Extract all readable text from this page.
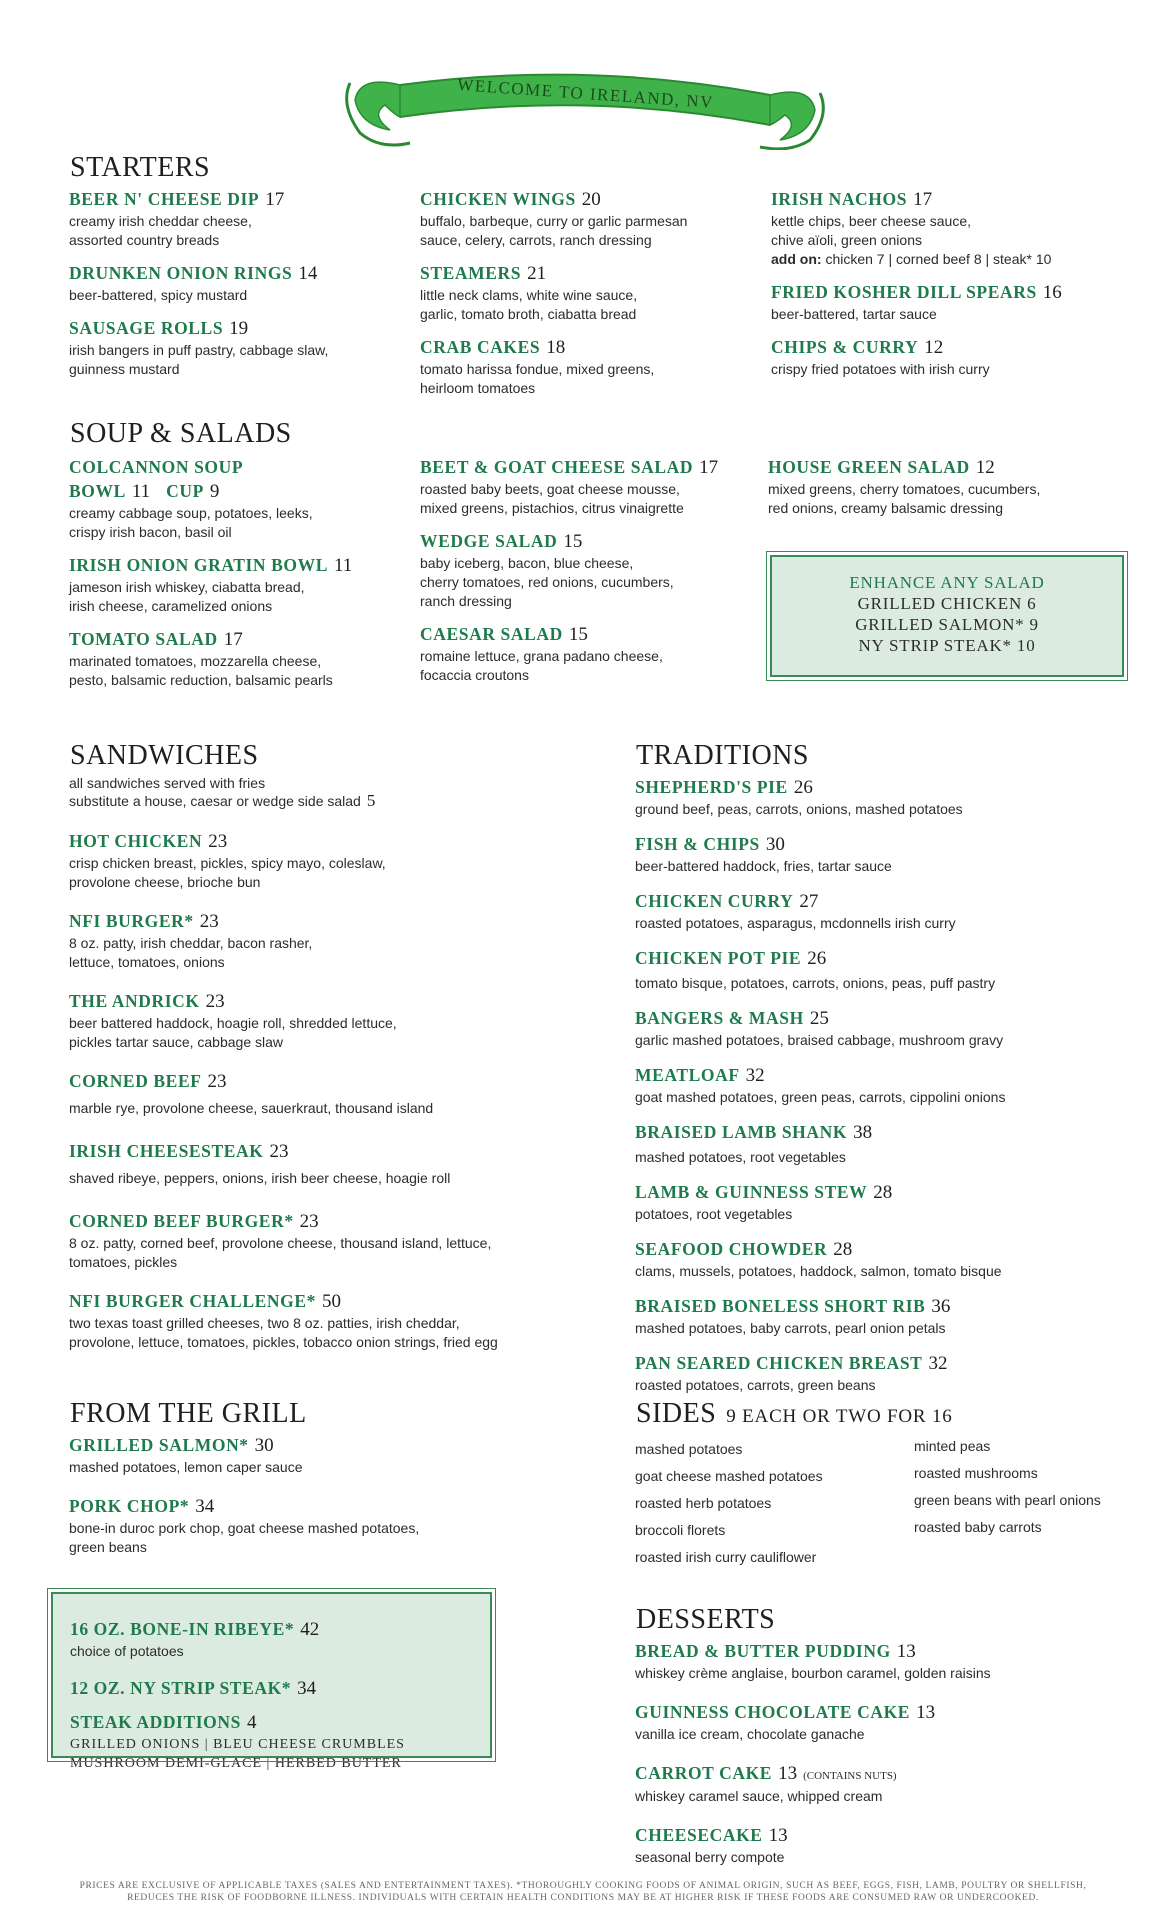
WELCOME TO IRELAND, NV
STARTERS
BEER N' CHEESE DIP 17
creamy irish cheddar cheese,
assorted country breads
DRUNKEN ONION RINGS 14
beer-battered, spicy mustard
SAUSAGE ROLLS 19
irish bangers in puff pastry, cabbage slaw,
guinness mustard
CHICKEN WINGS 20
buffalo, barbeque, curry or garlic parmesan
sauce, celery, carrots, ranch dressing
STEAMERS 21
little neck clams, white wine sauce,
garlic, tomato broth, ciabatta bread
CRAB CAKES 18
tomato harissa fondue, mixed greens,
heirloom tomatoes
IRISH NACHOS 17
kettle chips, beer cheese sauce,
chive aïoli, green onions
add on: chicken 7 | corned beef 8 | steak* 10
FRIED KOSHER DILL SPEARS 16
beer-battered, tartar sauce
CHIPS & CURRY 12
crispy fried potatoes with irish curry
SOUP & SALADS
COLCANNON SOUP
BOWL 11 CUP 9
creamy cabbage soup, potatoes, leeks,
crispy irish bacon, basil oil
IRISH ONION GRATIN BOWL 11
jameson irish whiskey, ciabatta bread,
irish cheese, caramelized onions
TOMATO SALAD 17
marinated tomatoes, mozzarella cheese,
pesto, balsamic reduction, balsamic pearls
BEET & GOAT CHEESE SALAD 17
roasted baby beets, goat cheese mousse,
mixed greens, pistachios, citrus vinaigrette
WEDGE SALAD 15
baby iceberg, bacon, blue cheese,
cherry tomatoes, red onions, cucumbers,
ranch dressing
CAESAR SALAD 15
romaine lettuce, grana padano cheese,
focaccia croutons
HOUSE GREEN SALAD 12
mixed greens, cherry tomatoes, cucumbers,
red onions, creamy balsamic dressing
ENHANCE ANY SALAD
GRILLED CHICKEN 6
GRILLED SALMON* 9
NY STRIP STEAK* 10
SANDWICHES
all sandwiches served with fries
substitute a house, caesar or wedge side salad 5
HOT CHICKEN 23
crisp chicken breast, pickles, spicy mayo, coleslaw,
provolone cheese, brioche bun
NFI BURGER* 23
8 oz. patty, irish cheddar, bacon rasher,
lettuce, tomatoes, onions
THE ANDRICK 23
beer battered haddock, hoagie roll, shredded lettuce,
pickles tartar sauce, cabbage slaw
CORNED BEEF 23
marble rye, provolone cheese, sauerkraut, thousand island
IRISH CHEESESTEAK 23
shaved ribeye, peppers, onions, irish beer cheese, hoagie roll
CORNED BEEF BURGER* 23
8 oz. patty, corned beef, provolone cheese, thousand island, lettuce,
tomatoes, pickles
NFI BURGER CHALLENGE* 50
two texas toast grilled cheeses, two 8 oz. patties, irish cheddar,
provolone, lettuce, tomatoes, pickles, tobacco onion strings, fried egg
TRADITIONS
SHEPHERD'S PIE 26
ground beef, peas, carrots, onions, mashed potatoes
FISH & CHIPS 30
beer-battered haddock, fries, tartar sauce
CHICKEN CURRY 27
roasted potatoes, asparagus, mcdonnells irish curry
CHICKEN POT PIE 26
tomato bisque, potatoes, carrots, onions, peas, puff pastry
BANGERS & MASH 25
garlic mashed potatoes, braised cabbage, mushroom gravy
MEATLOAF 32
goat mashed potatoes, green peas, carrots, cippolini onions
BRAISED LAMB SHANK 38
mashed potatoes, root vegetables
LAMB & GUINNESS STEW 28
potatoes, root vegetables
SEAFOOD CHOWDER 28
clams, mussels, potatoes, haddock, salmon, tomato bisque
BRAISED BONELESS SHORT RIB 36
mashed potatoes, baby carrots, pearl onion petals
PAN SEARED CHICKEN BREAST 32
roasted potatoes, carrots, green beans
FROM THE GRILL
GRILLED SALMON* 30
mashed potatoes, lemon caper sauce
PORK CHOP* 34
bone-in duroc pork chop, goat cheese mashed potatoes,
green beans
16 OZ. BONE-IN RIBEYE* 42
choice of potatoes
12 OZ. NY STRIP STEAK* 34
STEAK ADDITIONS 4
GRILLED ONIONS | BLEU CHEESE CRUMBLES
MUSHROOM DEMI-GLACE | HERBED BUTTER
SIDES 9 EACH OR TWO FOR 16
mashed potatoes
goat cheese mashed potatoes
roasted herb potatoes
broccoli florets
roasted irish curry cauliflower
minted peas
roasted mushrooms
green beans with pearl onions
roasted baby carrots
DESSERTS
BREAD & BUTTER PUDDING 13
whiskey crème anglaise, bourbon caramel, golden raisins
GUINNESS CHOCOLATE CAKE 13
vanilla ice cream, chocolate ganache
CARROT CAKE 13 (CONTAINS NUTS)
whiskey caramel sauce, whipped cream
CHEESECAKE 13
seasonal berry compote
PRICES ARE EXCLUSIVE OF APPLICABLE TAXES (SALES AND ENTERTAINMENT TAXES). *THOROUGHLY COOKING FOODS OF ANIMAL ORIGIN, SUCH AS BEEF, EGGS, FISH, LAMB, POULTRY OR SHELLFISH,
REDUCES THE RISK OF FOODBORNE ILLNESS. INDIVIDUALS WITH CERTAIN HEALTH CONDITIONS MAY BE AT HIGHER RISK IF THESE FOODS ARE CONSUMED RAW OR UNDERCOOKED.
